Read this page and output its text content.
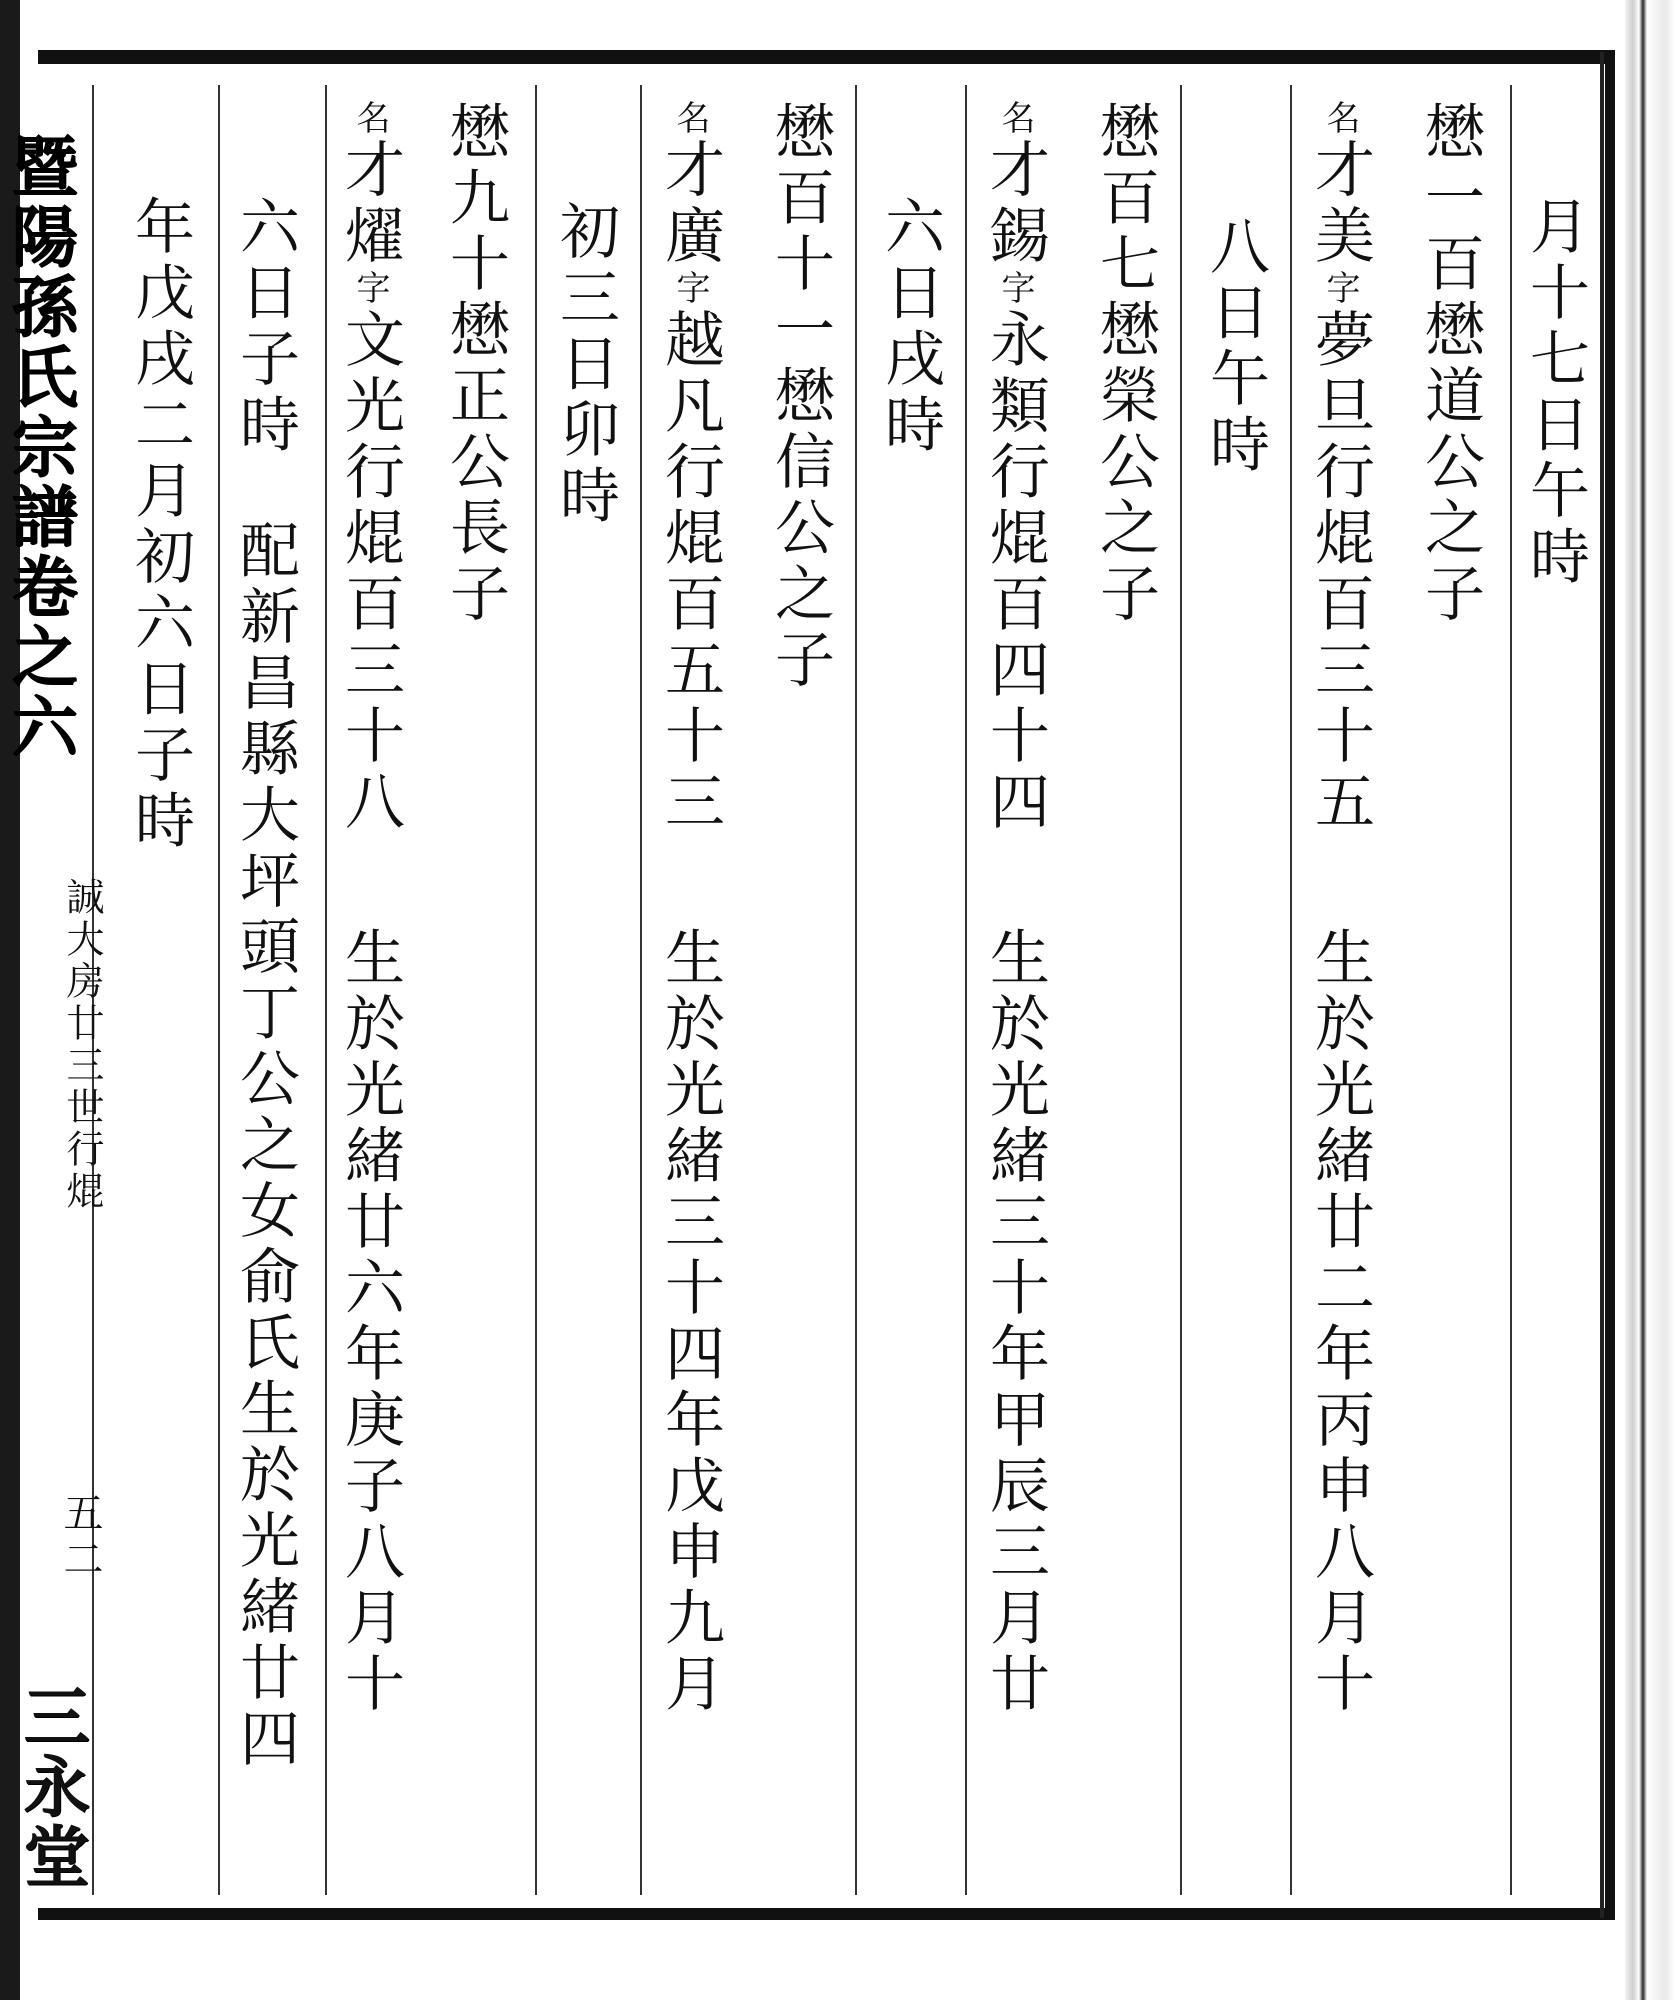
暨陽孫氏宗譜卷之六
誠大房廿三世行焜
五二
三永堂
月十七日午時
懋一百懋道公之子
名才美字夢旦行焜百三十五生於光緒廿二年丙申八月十
八日午時
懋百七懋榮公之子
名才錫字永類行焜百四十四生於光緒三十年甲辰三月廿
六日戌時
懋百十一懋信公之子
名才廣字越凡行焜百五十三生於光緒三十四年戊申九月
初三日卯時
懋九十懋正公長子
名才燿字文光行焜百三十八生於光緒廿六年庚子八月十
六日子時配新昌縣大坪頭丁公之女俞氏生於光緒廿四
年戊戌二月初六日子時
